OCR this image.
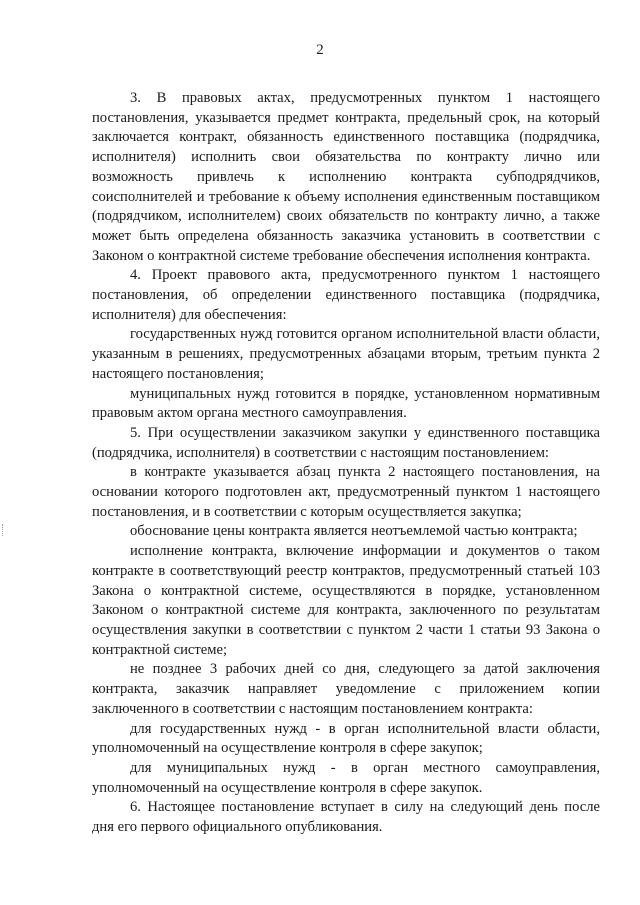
2

3. В правовых актах, предусмотренных пунктом 1 настоящего постановления, указывается предмет контракта, предельный срок, на который заключается контракт, обязанность единственного поставщика (подрядчика, исполнителя) исполнить свои обязательства по контракту лично или возможность привлечь к исполнению контракта субподрядчиков, соисполнителей и требование к объему исполнения единственным поставщиком (подрядчиком, исполнителем) своих обязательств по контракту лично, а также может быть определена обязанность заказчика установить в соответствии с Законом о контрактной системе требование обеспечения исполнения контракта.

4. Проект правового акта, предусмотренного пунктом 1 настоящего постановления, об определении единственного поставщика (подрядчика, исполнителя) для обеспечения:

государственных нужд готовится органом исполнительной власти области, указанным в решениях, предусмотренных абзацами вторым, третьим пункта 2 настоящего постановления;

муниципальных нужд готовится в порядке, установленном нормативным правовым актом органа местного самоуправления.

5. При осуществлении заказчиком закупки у единственного поставщика (подрядчика, исполнителя) в соответствии с настоящим постановлением:

в контракте указывается абзац пункта 2 настоящего постановления, на основании которого подготовлен акт, предусмотренный пунктом 1 настоящего постановления, и в соответствии с которым осуществляется закупка;

обоснование цены контракта является неотъемлемой частью контракта;

исполнение контракта, включение информации и документов о таком контракте в соответствующий реестр контрактов, предусмотренный статьей 103 Закона о контрактной системе, осуществляются в порядке, установленном Законом о контрактной системе для контракта, заключенного по результатам осуществления закупки в соответствии с пунктом 2 части 1 статьи 93 Закона о контрактной системе;

не позднее 3 рабочих дней со дня, следующего за датой заключения контракта, заказчик направляет уведомление с приложением копии заключенного в соответствии с настоящим постановлением контракта:

для государственных нужд - в орган исполнительной власти области, уполномоченный на осуществление контроля в сфере закупок;

для муниципальных нужд - в орган местного самоуправления, уполномоченный на осуществление контроля в сфере закупок.

6. Настоящее постановление вступает в силу на следующий день после дня его первого официального опубликования.
